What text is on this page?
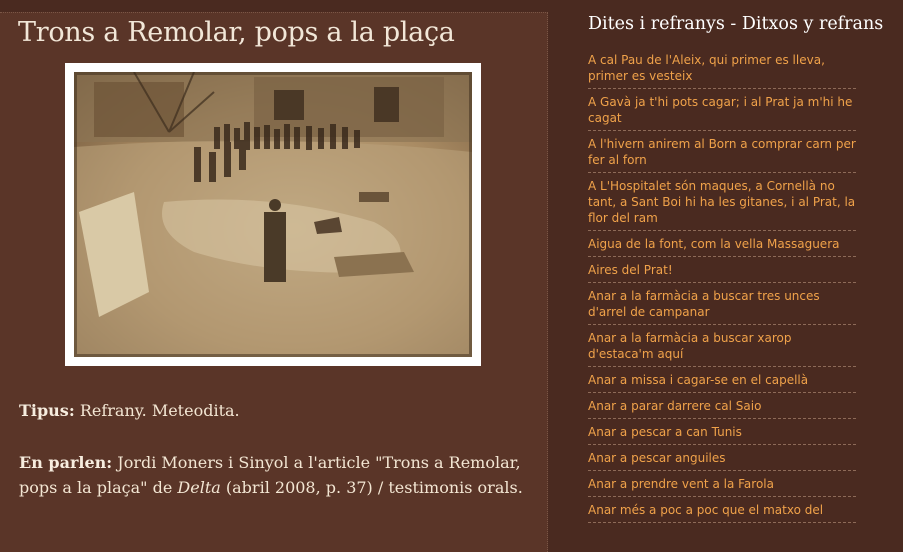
Trons a Remolar, pops a la plaça

Tipus: Refrany. Meteodita.

En parlen: Jordi Moners i Sinyol a l'article "Trons a Remolar, pops a la plaça" de Delta (abril 2008, p. 37) / testimonis orals.

Dites i refranys - Ditxos y refrans
A cal Pau de l'Aleix, qui primer es lleva, primer es vesteix
A Gavà ja t'hi pots cagar; i al Prat ja m'hi he cagat
A l'hivern anirem al Born a comprar carn per fer al forn
A L'Hospitalet són maques, a Cornellà no tant, a Sant Boi hi ha les gitanes, i al Prat, la flor del ram
Aigua de la font, com la vella Massaguera
Aires del Prat!
Anar a la farmàcia a buscar tres unces d'arrel de campanar
Anar a la farmàcia a buscar xarop d'estaca'm aquí
Anar a missa i cagar-se en el capellà
Anar a parar darrere cal Saio
Anar a pescar a can Tunis
Anar a pescar anguiles
Anar a prendre vent a la Farola
Anar més a poc a poc que el matxo del
